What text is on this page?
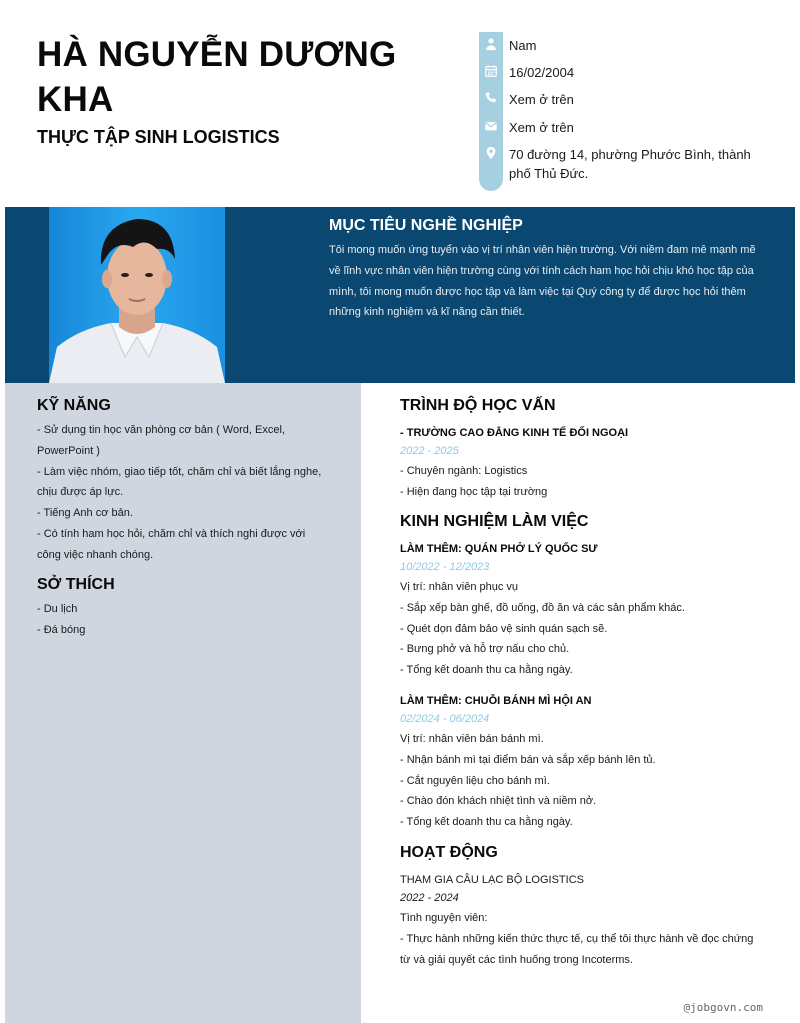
HÀ NGUYỄN DƯƠNG KHA
THỰC TẬP SINH LOGISTICS
Nam
16/02/2004
Xem ở trên
Xem ở trên
70 đường 14, phường Phước Bình, thành phố Thủ Đức.
MỤC TIÊU NGHỀ NGHIỆP
Tôi mong muốn ứng tuyển vào vị trí nhân viên hiện trường. Với niềm đam mê mạnh mẽ về lĩnh vực nhân viên hiện trường cùng với tính cách ham học hỏi chịu khó học tập của mình, tôi mong muốn được học tập và làm việc tại Quý công ty để được học hỏi thêm những kinh nghiệm và kĩ năng cần thiết.
KỸ NĂNG
- Sử dụng tin học văn phòng cơ bản ( Word, Excel, PowerPoint )
- Làm việc nhóm, giao tiếp tốt, chăm chỉ và biết lắng nghe, chịu được áp lực.
- Tiếng Anh cơ bản.
- Có tính ham học hỏi, chăm chỉ và thích nghi được với công việc nhanh chóng.
SỞ THÍCH
- Du lịch
- Đá bóng
TRÌNH ĐỘ HỌC VẤN
- TRƯỜNG CAO ĐẲNG KINH TẾ ĐỐI NGOẠI
2022 - 2025
- Chuyên ngành: Logistics
- Hiện đang học tập tại trường
KINH NGHIỆM LÀM VIỆC
LÀM THÊM: QUÁN PHỞ LÝ QUỐC SƯ
10/2022 - 12/2023
Vị trí: nhân viên phục vụ
- Sắp xếp bàn ghế, đồ uống, đồ ăn và các sản phẩm khác.
- Quét dọn đảm bảo vệ sinh quán sạch sẽ.
- Bưng phở và hỗ trợ nấu cho chủ.
- Tổng kết doanh thu ca hằng ngày.
LÀM THÊM: CHUỖI BÁNH MÌ HỘI AN
02/2024 - 06/2024
Vị trí: nhân viên bán bánh mì.
- Nhận bánh mì tại điểm bán và sắp xếp bánh lên tủ.
- Cắt nguyên liệu cho bánh mì.
- Chào đón khách nhiệt tình và niềm nở.
- Tổng kết doanh thu ca hằng ngày.
HOẠT ĐỘNG
THAM GIA CÂU LẠC BỘ LOGISTICS
2022 - 2024
Tình nguyện viên:
- Thực hành những kiến thức thực tế, cụ thể tôi thực hành về đọc chứng từ và giải quyết các tình huống trong Incoterms.
@jobgovn.com
